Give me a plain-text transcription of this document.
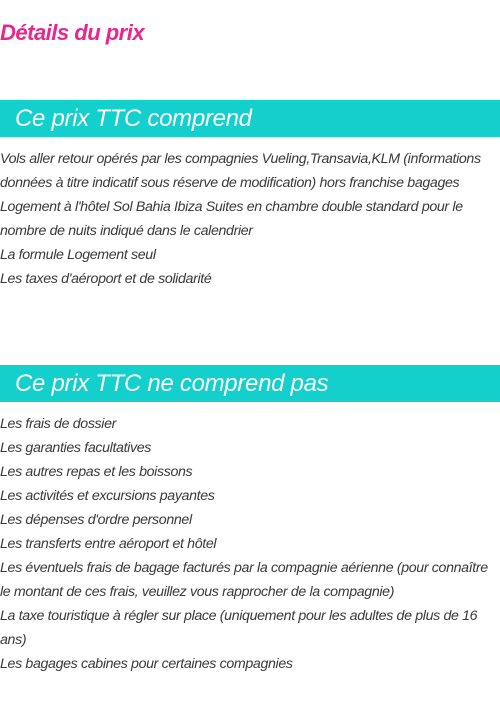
Détails du prix
Ce prix TTC comprend
Vols aller retour opérés par les compagnies Vueling,Transavia,KLM (informations données à titre indicatif sous réserve de modification) hors franchise bagages
Logement à l'hôtel Sol Bahia Ibiza Suites en chambre double standard pour le nombre de nuits indiqué dans le calendrier
La formule Logement seul
Les taxes d'aéroport et de solidarité
Ce prix TTC ne comprend pas
Les frais de dossier
Les garanties facultatives
Les autres repas et les boissons
Les activités et excursions payantes
Les dépenses d'ordre personnel
Les transferts entre aéroport et hôtel
Les éventuels frais de bagage facturés par la compagnie aérienne (pour connaître le montant de ces frais, veuillez vous rapprocher de la compagnie)
La taxe touristique à régler sur place (uniquement pour les adultes de plus de 16 ans)
Les bagages cabines pour certaines compagnies
